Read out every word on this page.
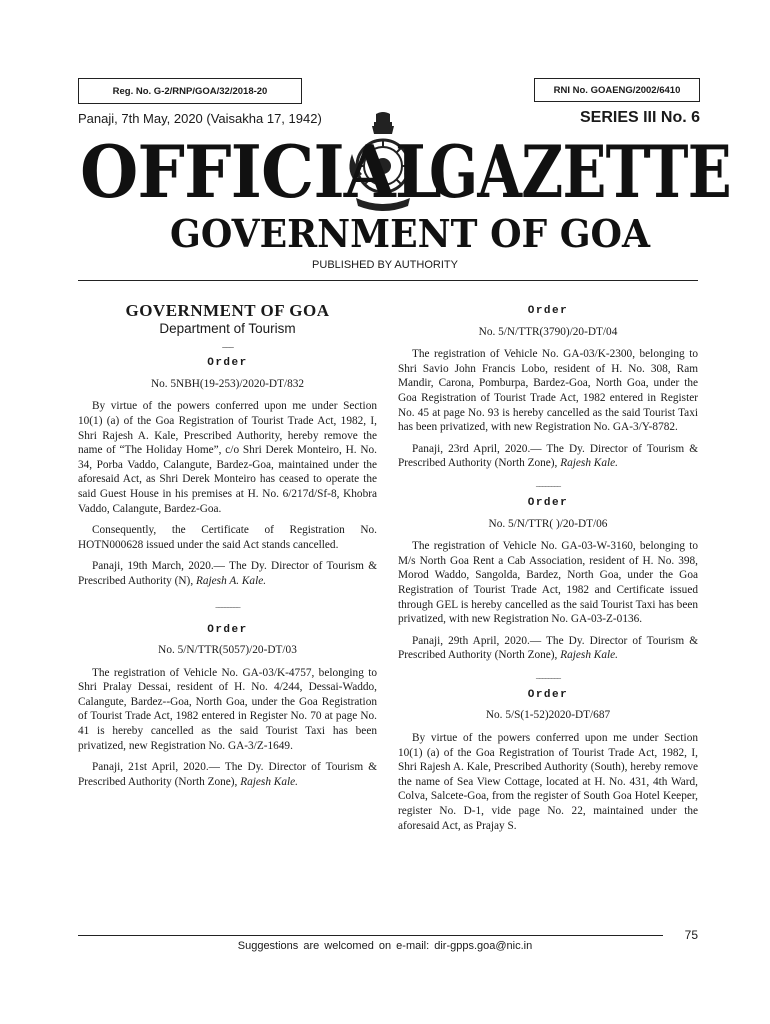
Reg. No. G-2/RNP/GOA/32/2018-20	RNI No. GOAENG/2002/6410
Panaji, 7th May, 2020 (Vaisakha 17, 1942)	SERIES III No. 6
OFFICIAL
GAZETTE
GOVERNMENT OF GOA
PUBLISHED BY AUTHORITY
GOVERNMENT OF GOA
Department of Tourism
___
Order
No. 5NBH(19-253)/2020-DT/832

By virtue of the powers conferred upon me under Section 10(1) (a) of the Goa Registration of Tourist Trade Act, 1982, I, Shri Rajesh A. Kale, Prescribed Authority, hereby remove the name of “The Holiday Home”, c/o Shri Derek Monteiro, H. No. 34, Porba Vaddo, Calangute, Bardez-Goa, maintained under the aforesaid Act, as Shri Derek Monteiro has ceased to operate the said Guest House in his premises at H. No. 6/217d/Sf-8, Khobra Vaddo, Calangute, Bardez-Goa.

Consequently, the Certificate of Registration No. HOTN000628 issued under the said Act stands cancelled.

Panaji, 19th March, 2020.— The Dy. Director of Tourism & Prescribed Authority (N), Rajesh A. Kale.

________
Order
No. 5/N/TTR(5057)/20-DT/03

The registration of Vehicle No. GA-03/K-4757, belonging to Shri Pralay Dessai, resident of H. No. 4/244, Dessai-Waddo, Calangute, Bardez--Goa, North Goa, under the Goa Registration of Tourist Trade Act, 1982 entered in Register No. 70 at page No. 41 is hereby cancelled as the said Tourist Taxi has been privatized, new Registration No. GA-3/Z-1649.

Panaji, 21st April, 2020.— The Dy. Director of Tourism & Prescribed Authority (North Zone), Rajesh Kale.

Order
No. 5/N/TTR(3790)/20-DT/04

The registration of Vehicle No. GA-03/K-2300, belonging to Shri Savio John Francis Lobo, resident of H. No. 308, Ram Mandir, Carona, Pomburpa, Bardez-Goa, North Goa, under the Goa Registration of Tourist Trade Act, 1982 entered in Register No. 45 at page No. 93 is hereby cancelled as the said Tourist Taxi has been privatized, with new Registration No. GA-3/Y-8782.

Panaji, 23rd April, 2020.— The Dy. Director of Tourism & Prescribed Authority (North Zone), Rajesh Kale.

________
Order
No. 5/N/TTR( )/20-DT/06

The registration of Vehicle No. GA-03-W-3160, belonging to M/s North Goa Rent a Cab Association, resident of H. No. 398, Morod Waddo, Sangolda, Bardez, North Goa, under the Goa Registration of Tourist Trade Act, 1982 and Certificate issued through GEL is hereby cancelled as the said Tourist Taxi has been privatized, with new Registration No. GA-03-Z-0136.

Panaji, 29th April, 2020.— The Dy. Director of Tourism & Prescribed Authority (North Zone), Rajesh Kale.

________
Order
No. 5/S(1-52)2020-DT/687

By virtue of the powers conferred upon me under Section 10(1) (a) of the Goa Registration of Tourist Trade Act, 1982, I, Shri Rajesh A. Kale, Prescribed Authority (South), hereby remove the name of Sea View Cottage, located at H. No. 431, 4th Ward, Colva, Salcete-Goa, from the register of South Goa Hotel Keeper, register No. D-1, vide page No. 22, maintained under the aforesaid Act, as Prajay S.

75
Suggestions are welcomed on e-mail: dir-gpps.goa@nic.in
